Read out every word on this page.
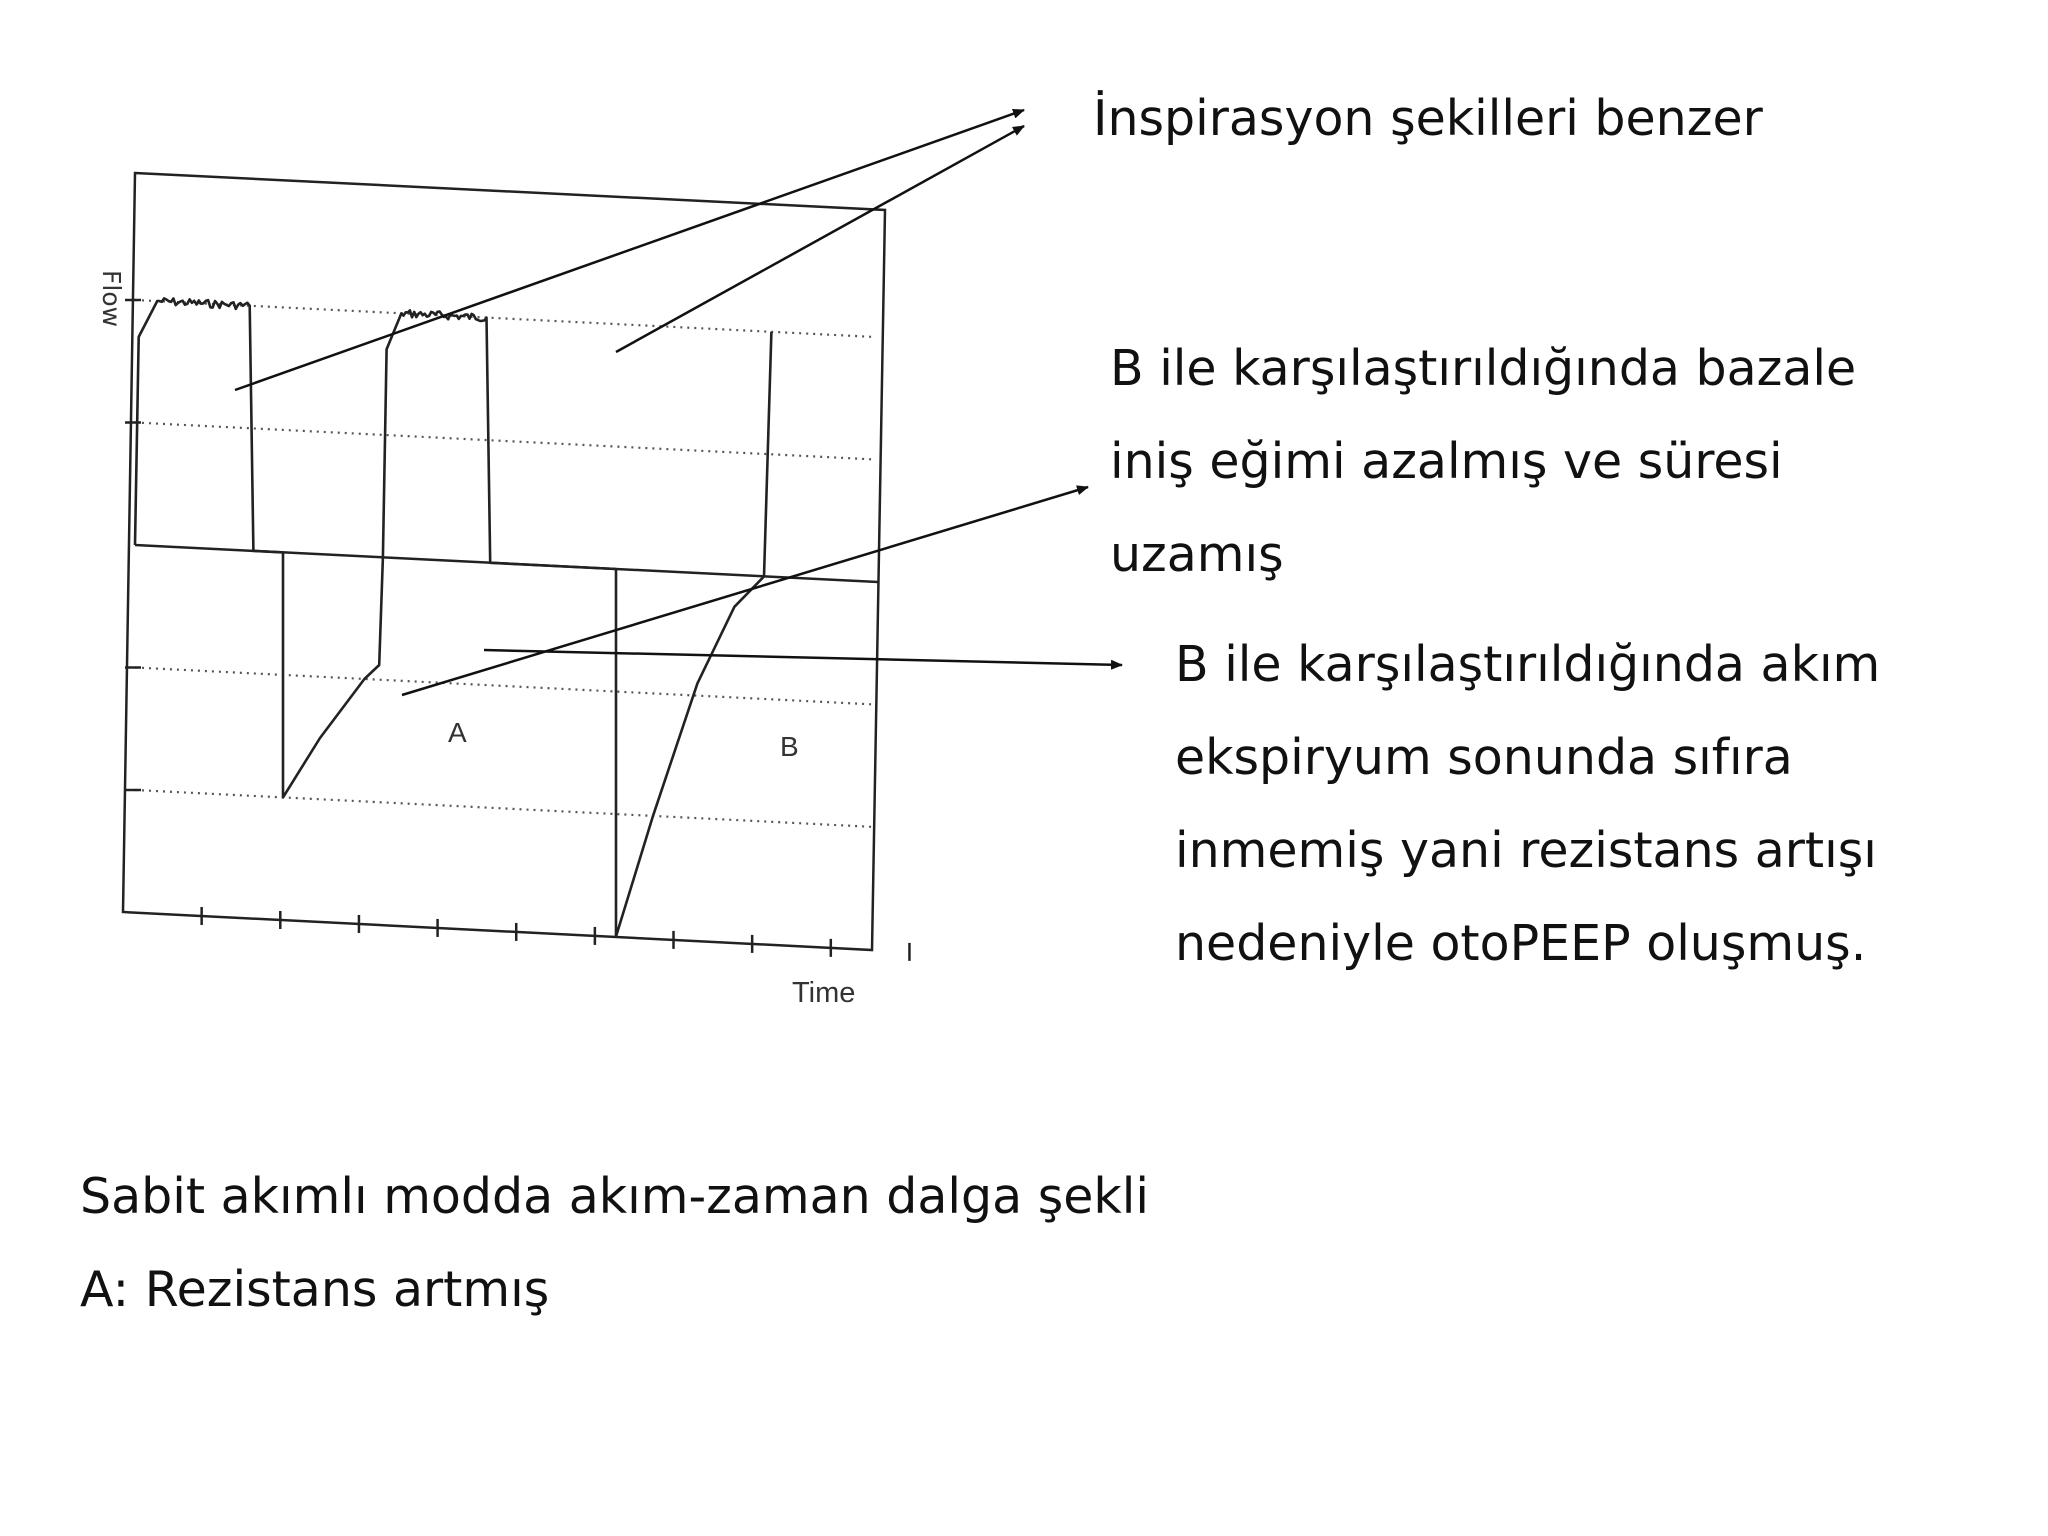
Flow
Time
A	B
İnspirasyon şekilleri benzer
B ile karşılaştırıldığında bazale
iniş eğimi azalmış ve süresi
uzamış
B ile karşılaştırıldığında akım
ekspiryum sonunda sıfıra
inmemiş yani rezistans artışı
nedeniyle otoPEEP oluşmuş.
Sabit akımlı modda akım-zaman dalga şekli
A: Rezistans artmış
